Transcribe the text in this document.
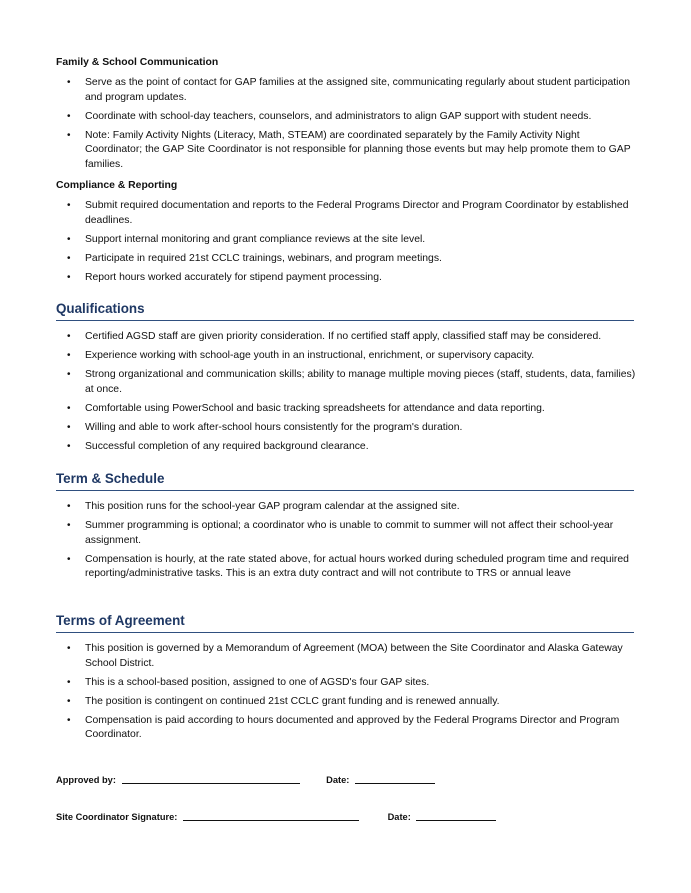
Family & School Communication
• Serve as the point of contact for GAP families at the assigned site, communicating regularly about student participation and program updates.
• Coordinate with school-day teachers, counselors, and administrators to align GAP support with student needs.
• Note: Family Activity Nights (Literacy, Math, STEAM) are coordinated separately by the Family Activity Night Coordinator; the GAP Site Coordinator is not responsible for planning those events but may help promote them to GAP families.
Compliance & Reporting
• Submit required documentation and reports to the Federal Programs Director and Program Coordinator by established deadlines.
• Support internal monitoring and grant compliance reviews at the site level.
• Participate in required 21st CCLC trainings, webinars, and program meetings.
• Report hours worked accurately for stipend payment processing.
Qualifications
• Certified AGSD staff are given priority consideration. If no certified staff apply, classified staff may be considered.
• Experience working with school-age youth in an instructional, enrichment, or supervisory capacity.
• Strong organizational and communication skills; ability to manage multiple moving pieces (staff, students, data, families) at once.
• Comfortable using PowerSchool and basic tracking spreadsheets for attendance and data reporting.
• Willing and able to work after-school hours consistently for the program's duration.
• Successful completion of any required background clearance.
Term & Schedule
• This position runs for the school-year GAP program calendar at the assigned site.
• Summer programming is optional; a coordinator who is unable to commit to summer will not affect their school-year assignment.
• Compensation is hourly, at the rate stated above, for actual hours worked during scheduled program time and required reporting/administrative tasks. This is an extra duty contract and will not contribute to TRS or annual leave
Terms of Agreement
• This position is governed by a Memorandum of Agreement (MOA) between the Site Coordinator and Alaska Gateway School District.
• This is a school-based position, assigned to one of AGSD's four GAP sites.
• The position is contingent on continued 21st CCLC grant funding and is renewed annually.
• Compensation is paid according to hours documented and approved by the Federal Programs Director and Program Coordinator.
Approved by:	Date:
Site Coordinator Signature:	Date:
